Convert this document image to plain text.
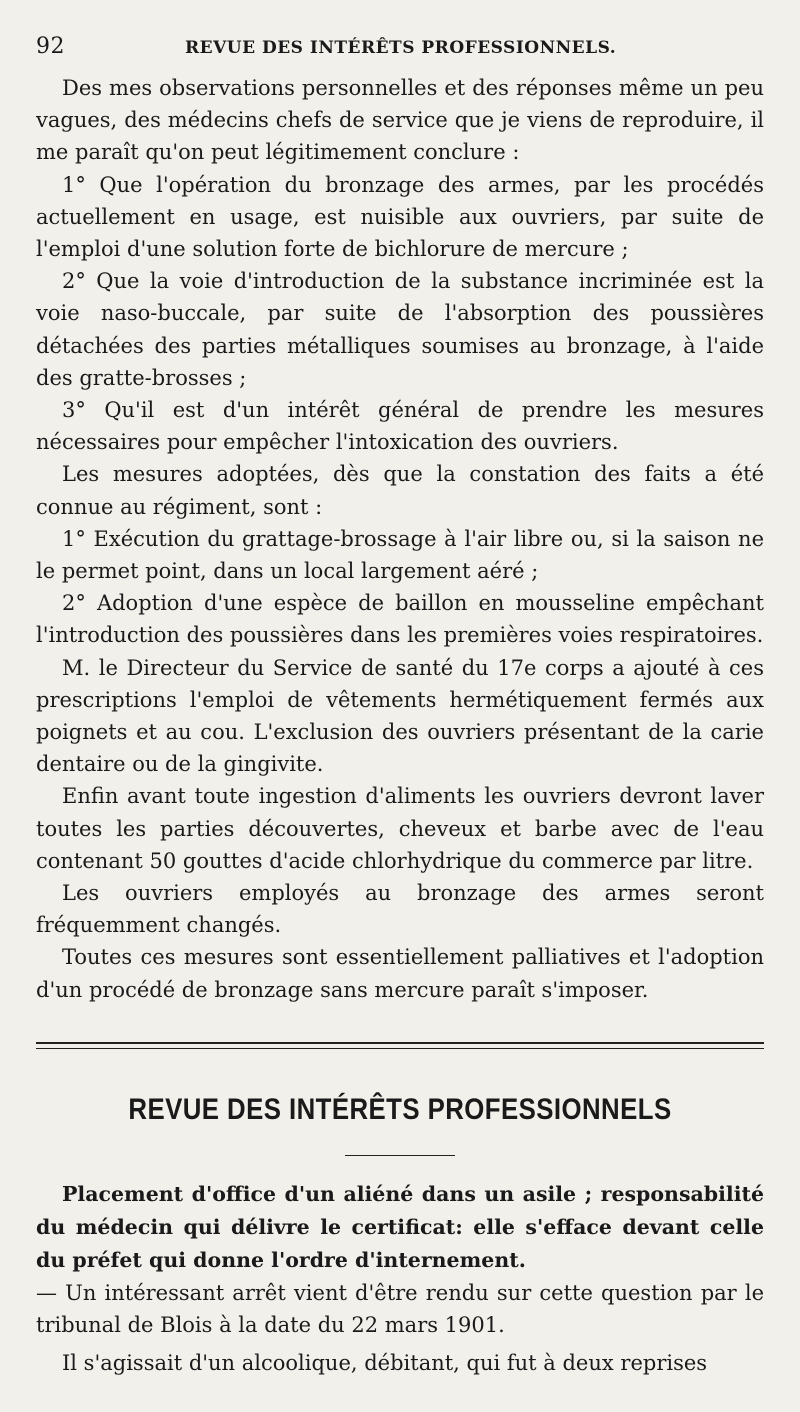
92	REVUE DES INTÉRÊTS PROFESSIONNELS.

Des mes observations personnelles et des réponses même un peu vagues, des médecins chefs de service que je viens de reproduire, il me paraît qu'on peut légitimement conclure :

1° Que l'opération du bronzage des armes, par les procédés actuellement en usage, est nuisible aux ouvriers, par suite de l'emploi d'une solution forte de bichlorure de mercure ;

2° Que la voie d'introduction de la substance incriminée est la voie naso-buccale, par suite de l'absorption des poussières détachées des parties métalliques soumises au bronzage, à l'aide des gratte-brosses ;

3° Qu'il est d'un intérêt général de prendre les mesures nécessaires pour empêcher l'intoxication des ouvriers.

Les mesures adoptées, dès que la constation des faits a été connue au régiment, sont :

1° Exécution du grattage-brossage à l'air libre ou, si la saison ne le permet point, dans un local largement aéré ;

2° Adoption d'une espèce de baillon en mousseline empêchant l'introduction des poussières dans les premières voies respiratoires.

M. le Directeur du Service de santé du 17e corps a ajouté à ces prescriptions l'emploi de vêtements hermétiquement fermés aux poignets et au cou. L'exclusion des ouvriers présentant de la carie dentaire ou de la gingivite.

Enfin avant toute ingestion d'aliments les ouvriers devront laver toutes les parties découvertes, cheveux et barbe avec de l'eau contenant 50 gouttes d'acide chlorhydrique du commerce par litre.

Les ouvriers employés au bronzage des armes seront fréquemment changés.

Toutes ces mesures sont essentiellement palliatives et l'adoption d'un procédé de bronzage sans mercure paraît s'imposer.

REVUE DES INTÉRÊTS PROFESSIONNELS
Placement d'office d'un aliéné dans un asile ; responsabilité du médecin qui délivre le certificat: elle s'efface devant celle du préfet qui donne l'ordre d'internement.

— Un intéressant arrêt vient d'être rendu sur cette question par le tribunal de Blois à la date du 22 mars 1901.

Il s'agissait d'un alcoolique, débitant, qui fut à deux reprises
